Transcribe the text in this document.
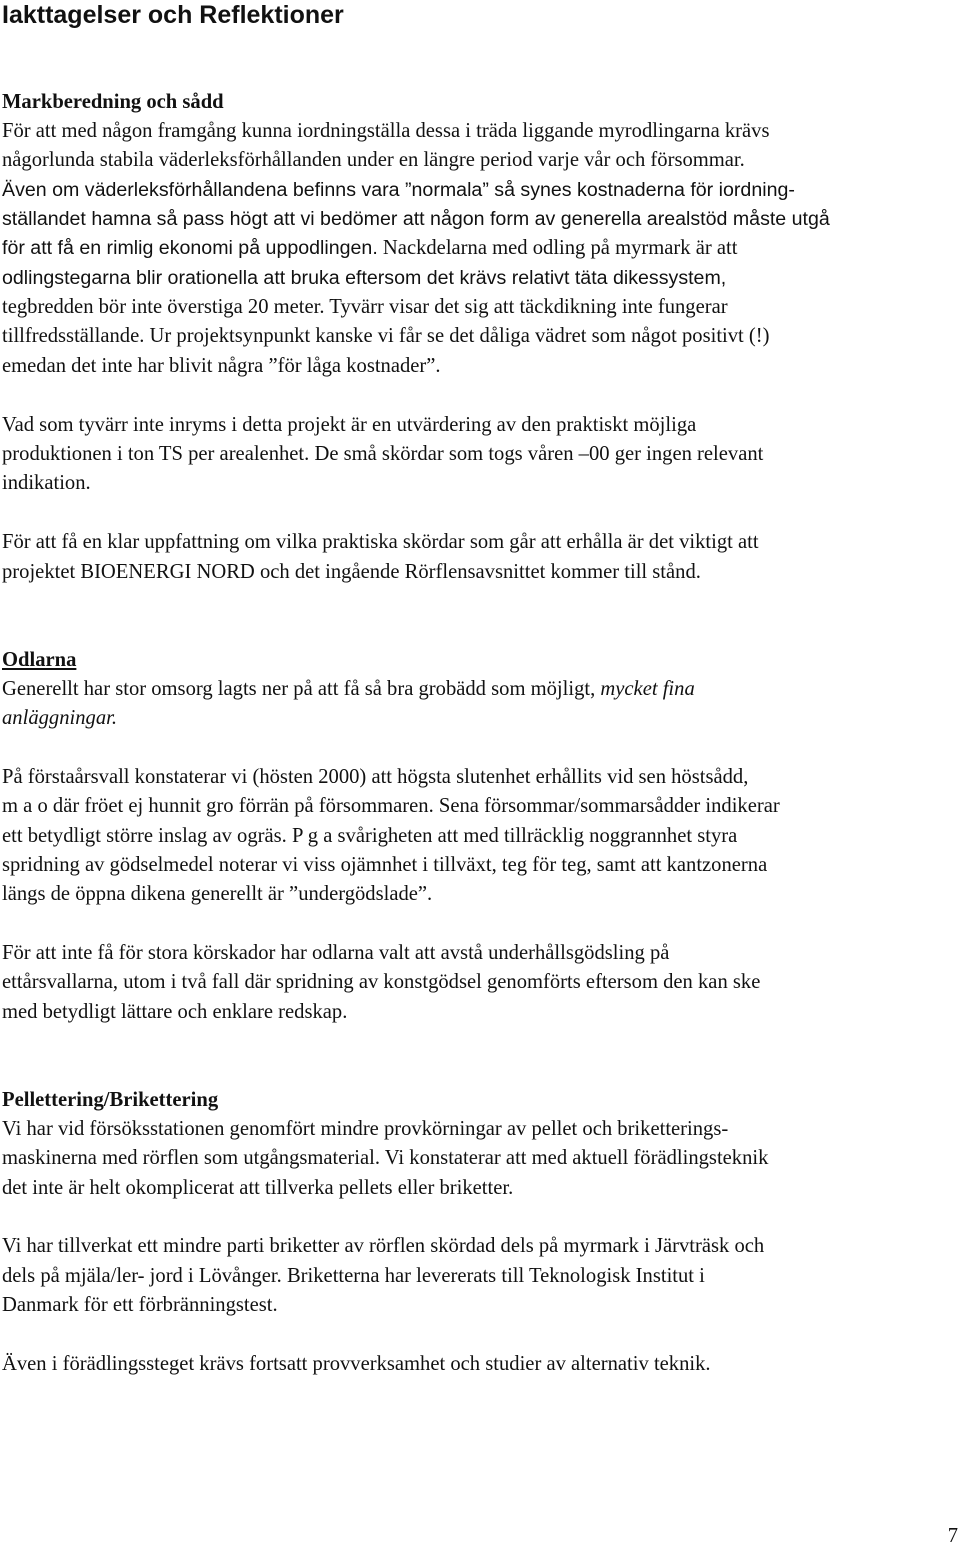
Iakttagelser och Reflektioner

Markberedning och sådd

För att med någon framgång kunna iordningställa dessa i träda liggande myrodlingarna krävs

någorlunda stabila väderleksförhållanden under en längre period varje vår och försommar.

Även om väderleksförhållandena befinns vara ”normala” så synes kostnaderna för iordning-

ställandet hamna så pass högt att vi bedömer att någon form av generella arealstöd måste utgå

för att få en rimlig ekonomi på uppodlingen. Nackdelarna med odling på myrmark är att

odlingstegarna blir orationella att bruka eftersom det krävs relativt täta dikessystem,

tegbredden bör inte överstiga 20 meter. Tyvärr visar det sig att täckdikning inte fungerar

tillfredsställande. Ur projektsynpunkt kanske vi får se det dåliga vädret som något positivt (!)

emedan det inte har blivit några ”för låga kostnader”.

Vad som tyvärr inte inryms i detta projekt är en utvärdering av den praktiskt möjliga

produktionen i ton TS per arealenhet. De små skördar som togs våren –00 ger ingen relevant

indikation.

För att få en klar uppfattning om vilka praktiska skördar som går att erhålla är det viktigt att

projektet BIOENERGI NORD och det ingående Rörflensavsnittet kommer till stånd.

Odlarna

Generellt har stor omsorg lagts ner på att få så bra grobädd som möjligt, mycket fina

anläggningar.

På förstaårsvall konstaterar vi (hösten 2000) att högsta slutenhet erhållits vid sen höstsådd,

m a o där fröet ej hunnit gro förrän på försommaren. Sena försommar/sommarsådder indikerar

ett betydligt större inslag av ogräs. P g a svårigheten att med tillräcklig noggrannhet styra

spridning av gödselmedel noterar vi viss ojämnhet i tillväxt, teg för teg, samt att kantzonerna

längs de öppna dikena generellt är ”undergödslade”.

För att inte få för stora körskador har odlarna valt att avstå underhållsgödsling på

ettårsvallarna, utom i två fall där spridning av konstgödsel genomförts eftersom den kan ske

med betydligt lättare och enklare redskap.

Pellettering/Brikettering

Vi har vid försöksstationen genomfört mindre provkörningar av pellet och briketterings-

maskinerna med rörflen som utgångsmaterial. Vi konstaterar att med aktuell förädlingsteknik

det inte är helt okomplicerat att tillverka pellets eller briketter.

Vi har tillverkat ett mindre parti briketter av rörflen skördad dels på myrmark i Järvträsk och

dels på mjäla/ler- jord i Lövånger. Briketterna har levererats till Teknologisk Institut i

Danmark för ett förbränningstest.

Även i förädlingssteget krävs fortsatt provverksamhet och studier av alternativ teknik.

7
